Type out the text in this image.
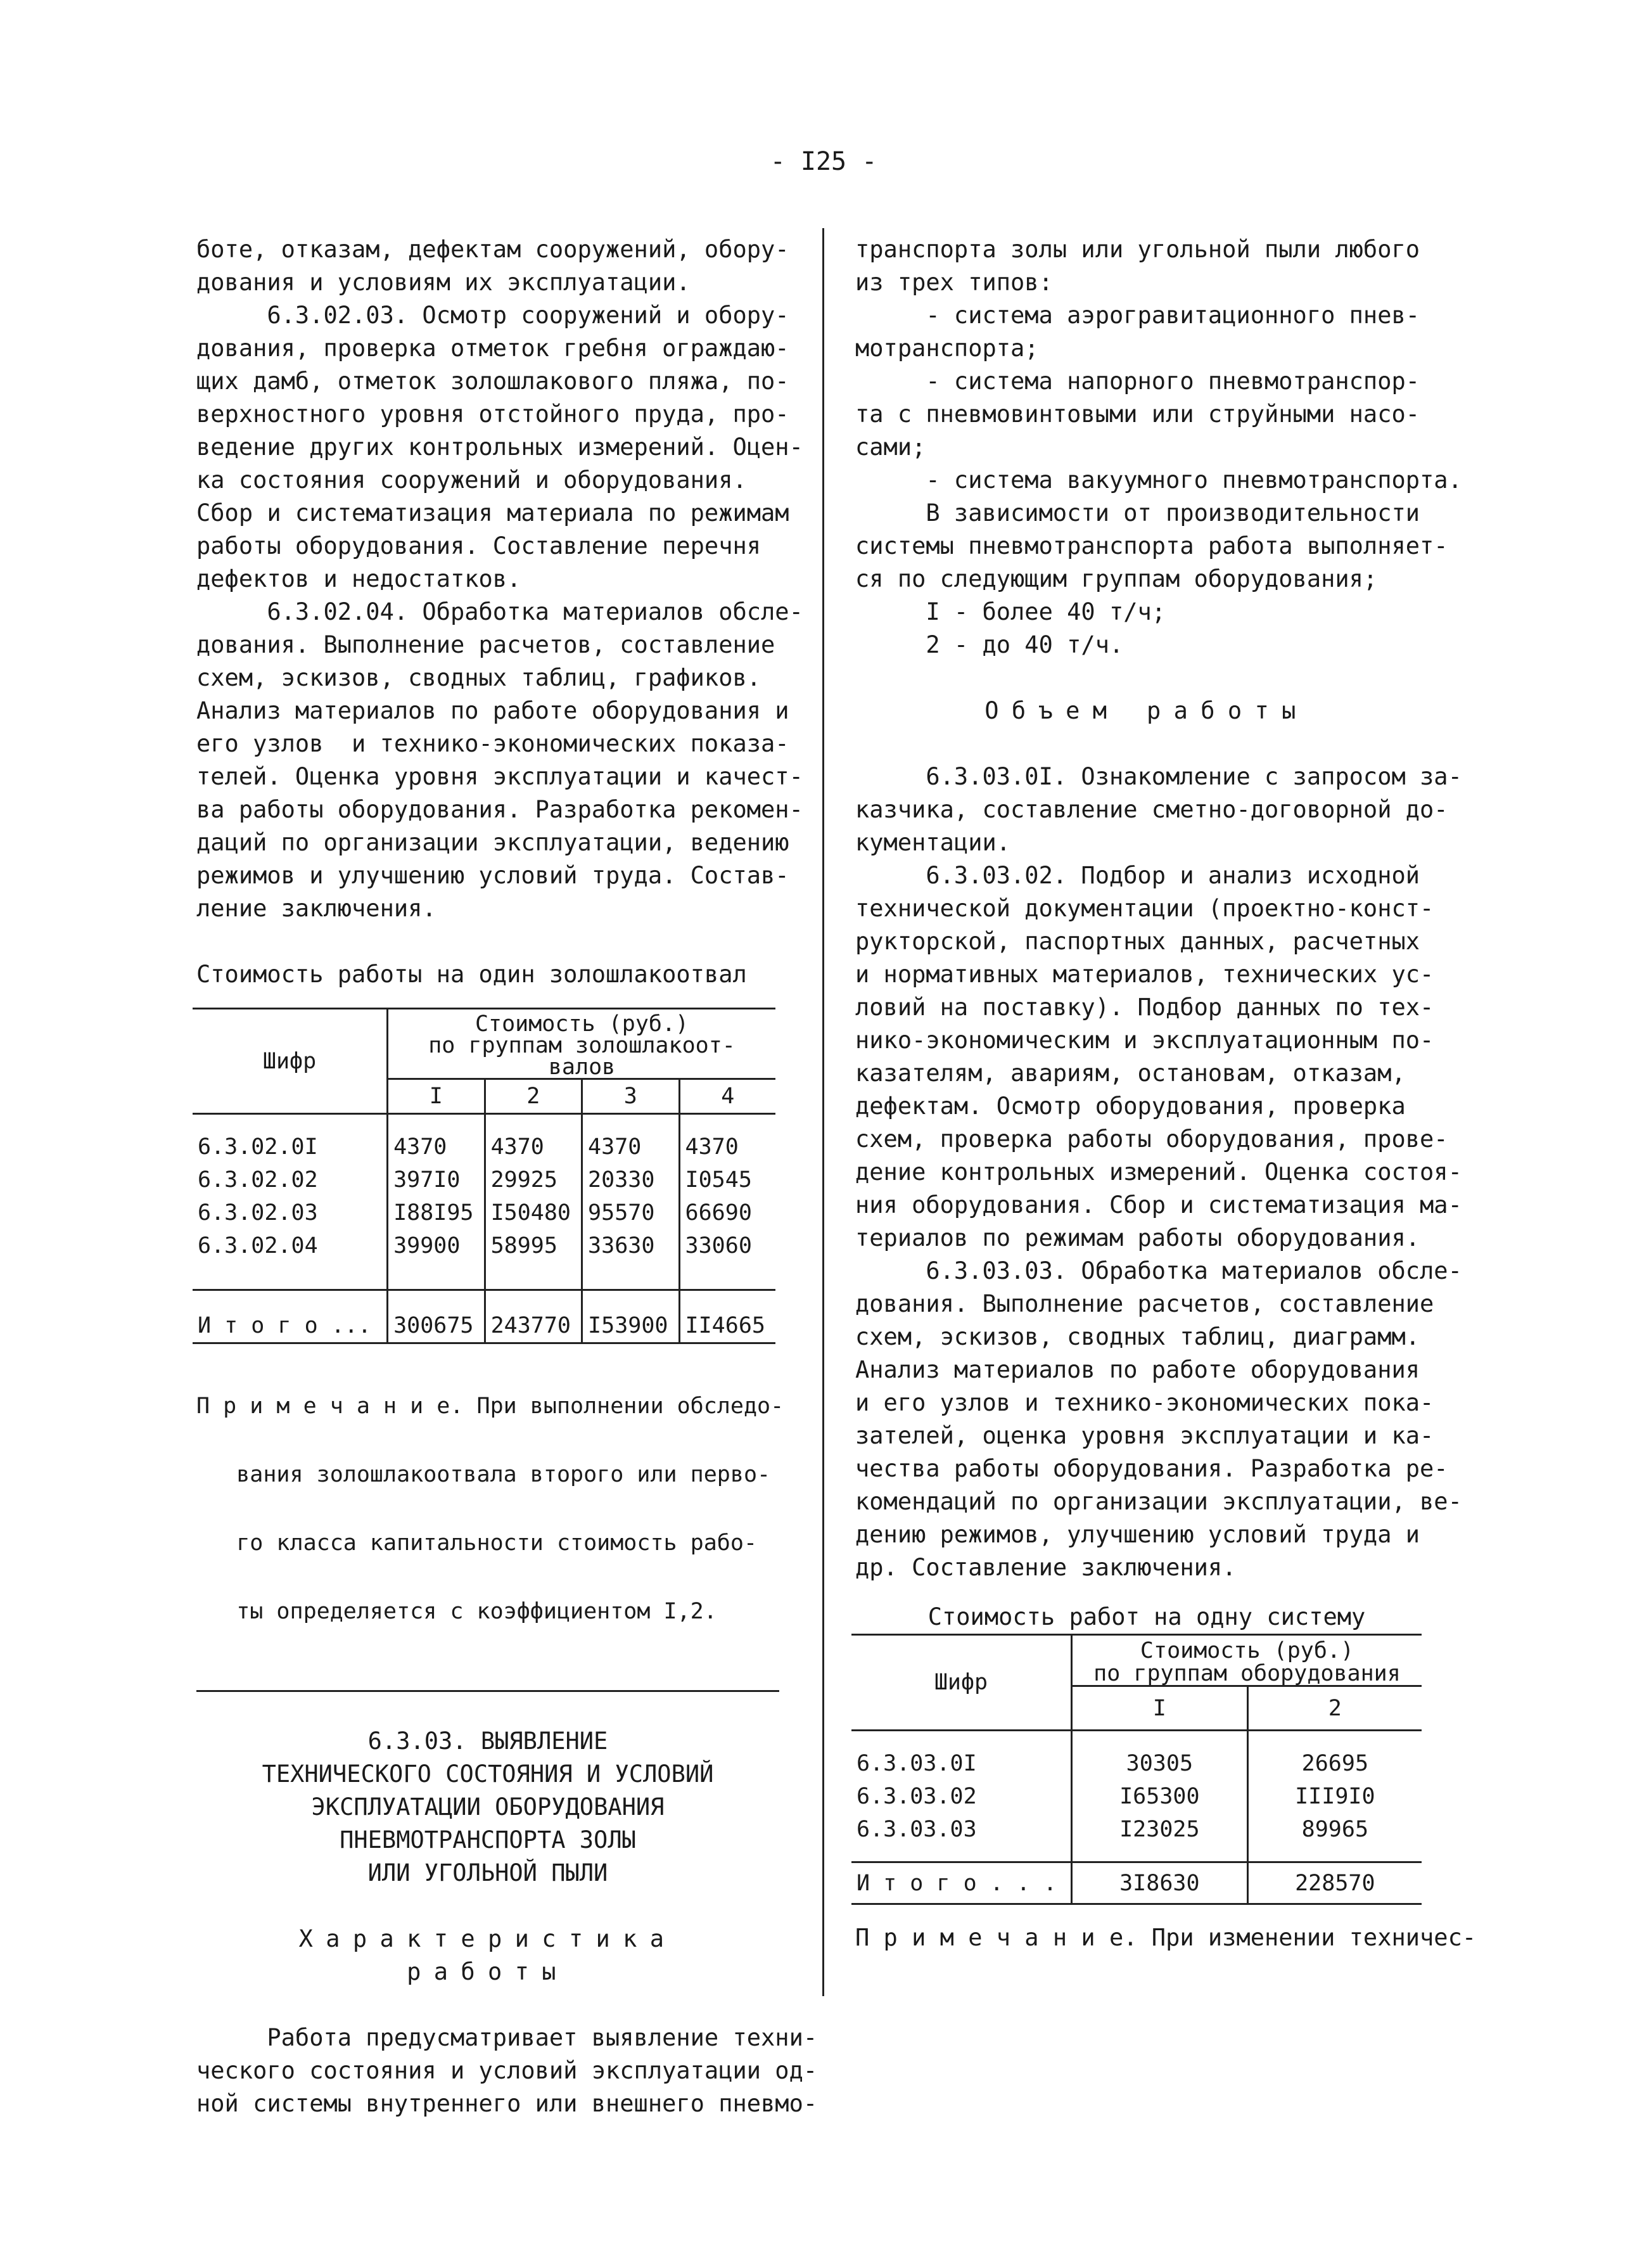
- I25 -

боте, отказам, дефектам сооружений, обору-

дования и условиям их эксплуатации.

6.3.02.03. Осмотр сооружений и обору-

дования, проверка отметок гребня ограждаю-

щих дамб, отметок золошлакового пляжа, по-

верхностного уровня отстойного пруда, про-

ведение других контрольных измерений. Оцен-

ка состояния сооружений и оборудования.

Сбор и систематизация материала по режимам

работы оборудования. Составление перечня

дефектов и недостатков.

6.3.02.04. Обработка материалов обсле-

дования. Выполнение расчетов, составление

схем, эскизов, сводных таблиц, графиков.

Анализ материалов по работе оборудования и

его узлов  и технико-экономических показа-

телей. Оценка уровня эксплуатации и качест-

ва работы оборудования. Разработка рекомен-

даций по организации эксплуатации, ведению

режимов и улучшению условий труда. Состав-

ление заключения.

Стоимость работы на один золошлакоотвал

Шифр	Стоимость (руб.)
по группам золошлакоот-
валов			

	I	2	3	4

6.3.02.0I	4370	4370	4370	4370
6.3.02.02	397I0	29925	20330	I0545
6.3.02.03	I88I95	I50480	95570	66690
6.3.02.04	39900	58995	33630	33060

И т о г о ...	300675	243770	I53900	II4665

П р и м е ч а н и е. При выполнении обследо-

вания золошлакоотвала второго или перво-

го класса капитальности стоимость рабо-

ты определяется с коэффициентом I,2.

6.3.03. ВЫЯВЛЕНИЕ
ТЕХНИЧЕСКОГО СОСТОЯНИЯ И УСЛОВИЙ
ЭКСПЛУАТАЦИИ ОБОРУДОВАНИЯ
ПНЕВМОТРАНСПОРТА ЗОЛЫ
ИЛИ УГОЛЬНОЙ ПЫЛИ
Характеристика
работы

Работа предусматривает выявление техни-

ческого состояния и условий эксплуатации од-

ной системы внутреннего или внешнего пневмо-

транспорта золы или угольной пыли любого

из трех типов:

- система аэрогравитационного пнев-

мотранспорта;

- система напорного пневмотранспор-

та с пневмовинтовыми или струйными насо-

сами;

- система вакуумного пневмотранспорта.

В зависимости от производительности

системы пневмотранспорта работа выполняет-

ся по следующим группам оборудования;

I - более 40 т/ч;

2 - до 40 т/ч.

Объем работы

6.3.03.0I. Ознакомление с запросом за-

казчика, составление сметно-договорной до-

кументации.

6.3.03.02. Подбор и анализ исходной

технической документации (проектно-конст-

рукторской, паспортных данных, расчетных

и нормативных материалов, технических ус-

ловий на поставку). Подбор данных по тех-

нико-экономическим и эксплуатационным по-

казателям, авариям, остановам, отказам,

дефектам. Осмотр оборудования, проверка

схем, проверка работы оборудования, прове-

дение контрольных измерений. Оценка состоя-

ния оборудования. Сбор и систематизация ма-

териалов по режимам работы оборудования.

6.3.03.03. Обработка материалов обсле-

дования. Выполнение расчетов, составление

схем, эскизов, сводных таблиц, диаграмм.

Анализ материалов по работе оборудования

и его узлов и технико-экономических пока-

зателей, оценка уровня эксплуатации и ка-

чества работы оборудования. Разработка ре-

комендаций по организации эксплуатации, ве-

дению режимов, улучшению условий труда и

др. Составление заключения.

Стоимость работ на одну систему

Шифр	Стоимость (руб.)
по группам оборудования	

	I	2

6.3.03.0I	30305	26695
6.3.03.02	I65300	III9I0
6.3.03.03	I23025	89965

И т о г о . . .	3I8630	228570

П р и м е ч а н и е. При изменении техничес-
